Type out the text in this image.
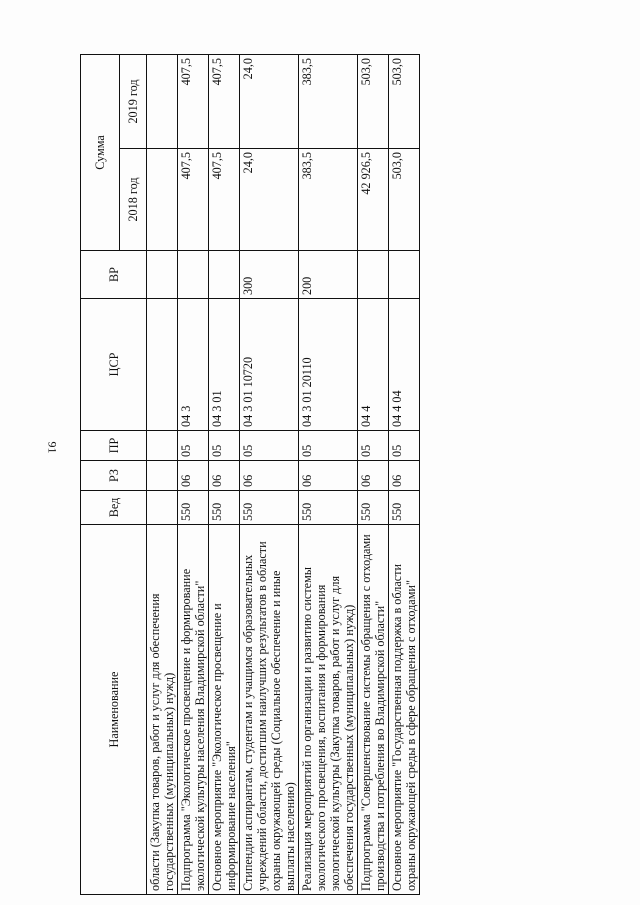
91
Наименование	Вед	РЗ	ПР	ЦСР	ВР	Сумма	
						2018 год	2019 год
области (Закупка товаров, работ и услуг для обеспечения государственных (муниципальных) нужд)							
Подпрограмма "Экологическое просвещение и формирование экологической культуры населения Владимирской области"	550	06	05	04 3		407,5	407,5
Основное мероприятие "Экологическое просвещение и информирование населения"	550	06	05	04 3 01		407,5	407,5
Стипендии аспирантам, студентам и учащимся образовательных учреждений области, достигшим наилучших результатов в области охраны окружающей среды (Социальное обеспечение и иные выплаты населению)	550	06	05	04 3 01 10720	300	24,0	24,0
Реализация мероприятий по организации и развитию системы экологического просвещения, воспитания и формирования экологической культуры (Закупка товаров, работ и услуг для обеспечения государственных (муниципальных) нужд)	550	06	05	04 3 01 20110	200	383,5	383,5
Подпрограмма "Совершенствование системы обращения с отходами производства и потребления во Владимирской области"	550	06	05	04 4		42 926,5	503,0
Основное мероприятие "Государственная поддержка в области охраны окружающей среды в сфере обращения с отходами"	550	06	05	04 4 04		503,0	503,0
